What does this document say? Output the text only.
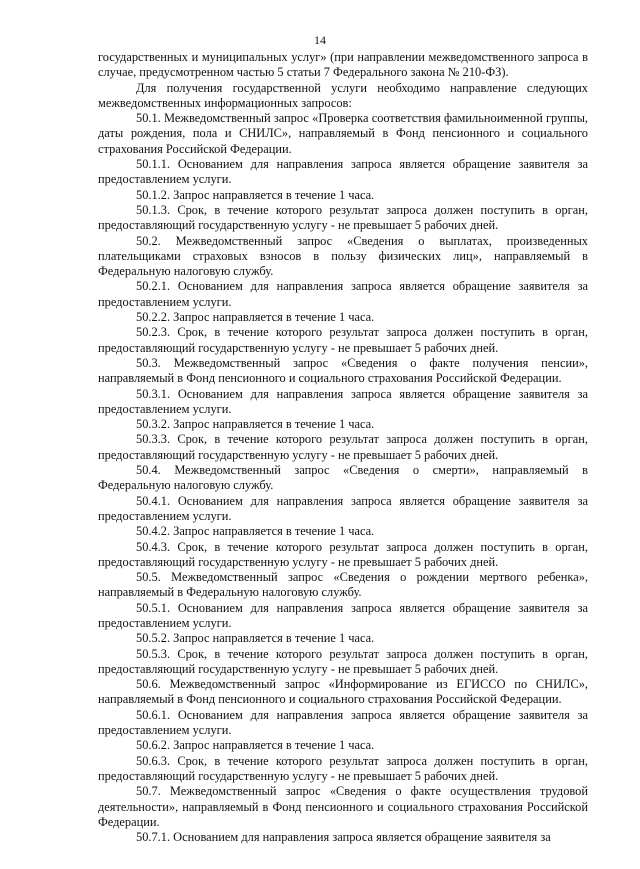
14

государственных и муниципальных услуг» (при направлении межведомственного запроса в случае, предусмотренном частью 5 статьи 7 Федерального закона № 210-ФЗ).

Для получения государственной услуги необходимо направление следующих межведомственных информационных запросов:

50.1. Межведомственный запрос «Проверка соответствия фамильноименной группы, даты рождения, пола и СНИЛС», направляемый в Фонд пенсионного и социального страхования Российской Федерации.

50.1.1. Основанием для направления запроса является обращение заявителя за предоставлением услуги.

50.1.2. Запрос направляется в течение 1 часа.

50.1.3. Срок, в течение которого результат запроса должен поступить в орган, предоставляющий государственную услугу - не превышает 5 рабочих дней.

50.2. Межведомственный запрос «Сведения о выплатах, произведенных плательщиками страховых взносов в пользу физических лиц», направляемый в Федеральную налоговую службу.

50.2.1. Основанием для направления запроса является обращение заявителя за предоставлением услуги.

50.2.2. Запрос направляется в течение 1 часа.

50.2.3. Срок, в течение которого результат запроса должен поступить в орган, предоставляющий государственную услугу - не превышает 5 рабочих дней.

50.3. Межведомственный запрос «Сведения о факте получения пенсии», направляемый в Фонд пенсионного и социального страхования Российской Федерации.

50.3.1. Основанием для направления запроса является обращение заявителя за предоставлением услуги.

50.3.2. Запрос направляется в течение 1 часа.

50.3.3. Срок, в течение которого результат запроса должен поступить в орган, предоставляющий государственную услугу - не превышает 5 рабочих дней.

50.4. Межведомственный запрос «Сведения о смерти», направляемый в Федеральную налоговую службу.

50.4.1. Основанием для направления запроса является обращение заявителя за предоставлением услуги.

50.4.2. Запрос направляется в течение 1 часа.

50.4.3. Срок, в течение которого результат запроса должен поступить в орган, предоставляющий государственную услугу - не превышает 5 рабочих дней.

50.5. Межведомственный запрос «Сведения о рождении мертвого ребенка», направляемый в Федеральную налоговую службу.

50.5.1. Основанием для направления запроса является обращение заявителя за предоставлением услуги.

50.5.2. Запрос направляется в течение 1 часа.

50.5.3. Срок, в течение которого результат запроса должен поступить в орган, предоставляющий государственную услугу - не превышает 5 рабочих дней.

50.6. Межведомственный запрос «Информирование из ЕГИССО по СНИЛС», направляемый в Фонд пенсионного и социального страхования Российской Федерации.

50.6.1. Основанием для направления запроса является обращение заявителя за предоставлением услуги.

50.6.2. Запрос направляется в течение 1 часа.

50.6.3. Срок, в течение которого результат запроса должен поступить в орган, предоставляющий государственную услугу - не превышает 5 рабочих дней.

50.7. Межведомственный запрос «Сведения о факте осуществления трудовой деятельности», направляемый в Фонд пенсионного и социального страхования Российской Федерации.

50.7.1. Основанием для направления запроса является обращение заявителя за
